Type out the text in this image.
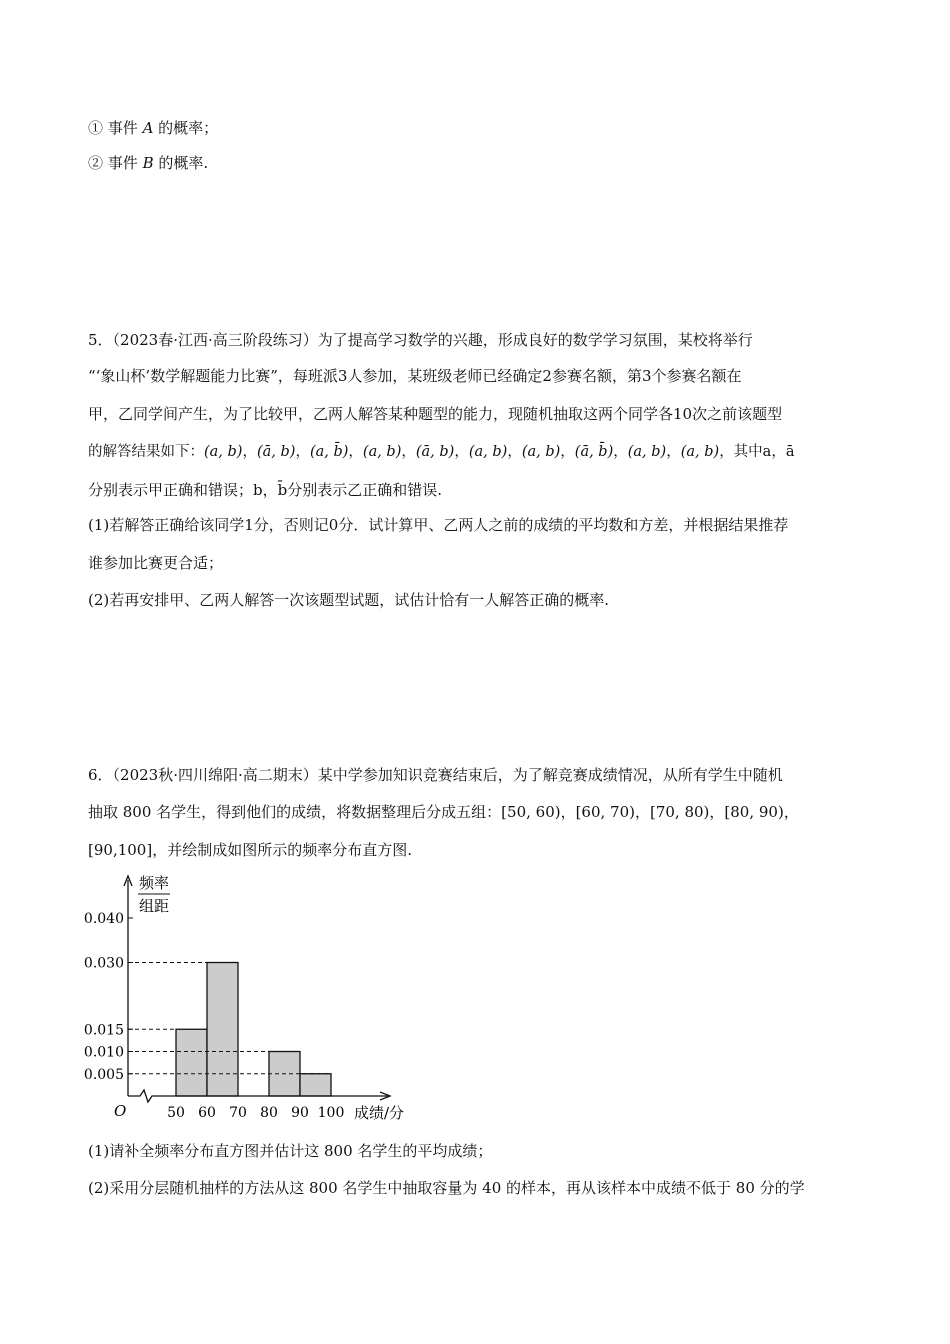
① 事件 A 的概率；
② 事件 B 的概率.
5．（2023春·江西·高三阶段练习）为了提高学习数学的兴趣，形成良好的数学学习氛围，某校将举行
“‘象山杯’数学解题能力比赛”，每班派3人参加，某班级老师已经确定2参赛名额，第3个参赛名额在
甲，乙同学间产生，为了比较甲，乙两人解答某种题型的能力，现随机抽取这两个同学各10次之前该题型
的解答结果如下：(a, b)，(ā, b)，(a, b̄)，(a, b)，(ā, b)，(a, b)，(a, b)，(ā, b̄)，(a, b)，(a, b)，其中a，ā
分别表示甲正确和错误；b，b̄分别表示乙正确和错误.
(1)若解答正确给该同学1分，否则记0分．试计算甲、乙两人之前的成绩的平均数和方差，并根据结果推荐
谁参加比赛更合适；
(2)若再安排甲、乙两人解答一次该题型试题，试估计恰有一人解答正确的概率.
6．（2023秋·四川绵阳·高二期末）某中学参加知识竞赛结束后，为了解竞赛成绩情况，从所有学生中随机
抽取 800 名学生，得到他们的成绩，将数据整理后分成五组：[50, 60)，[60, 70)，[70, 80)，[80, 90)，
[90,100]，并绘制成如图所示的频率分布直方图.
0.005
0.010
0.015
0.030
0.040
50 60 70 80 90 100
O
频率
组距
成绩/分
(1)请补全频率分布直方图并估计这 800 名学生的平均成绩；
(2)采用分层随机抽样的方法从这 800 名学生中抽取容量为 40 的样本，再从该样本中成绩不低于 80 分的学
